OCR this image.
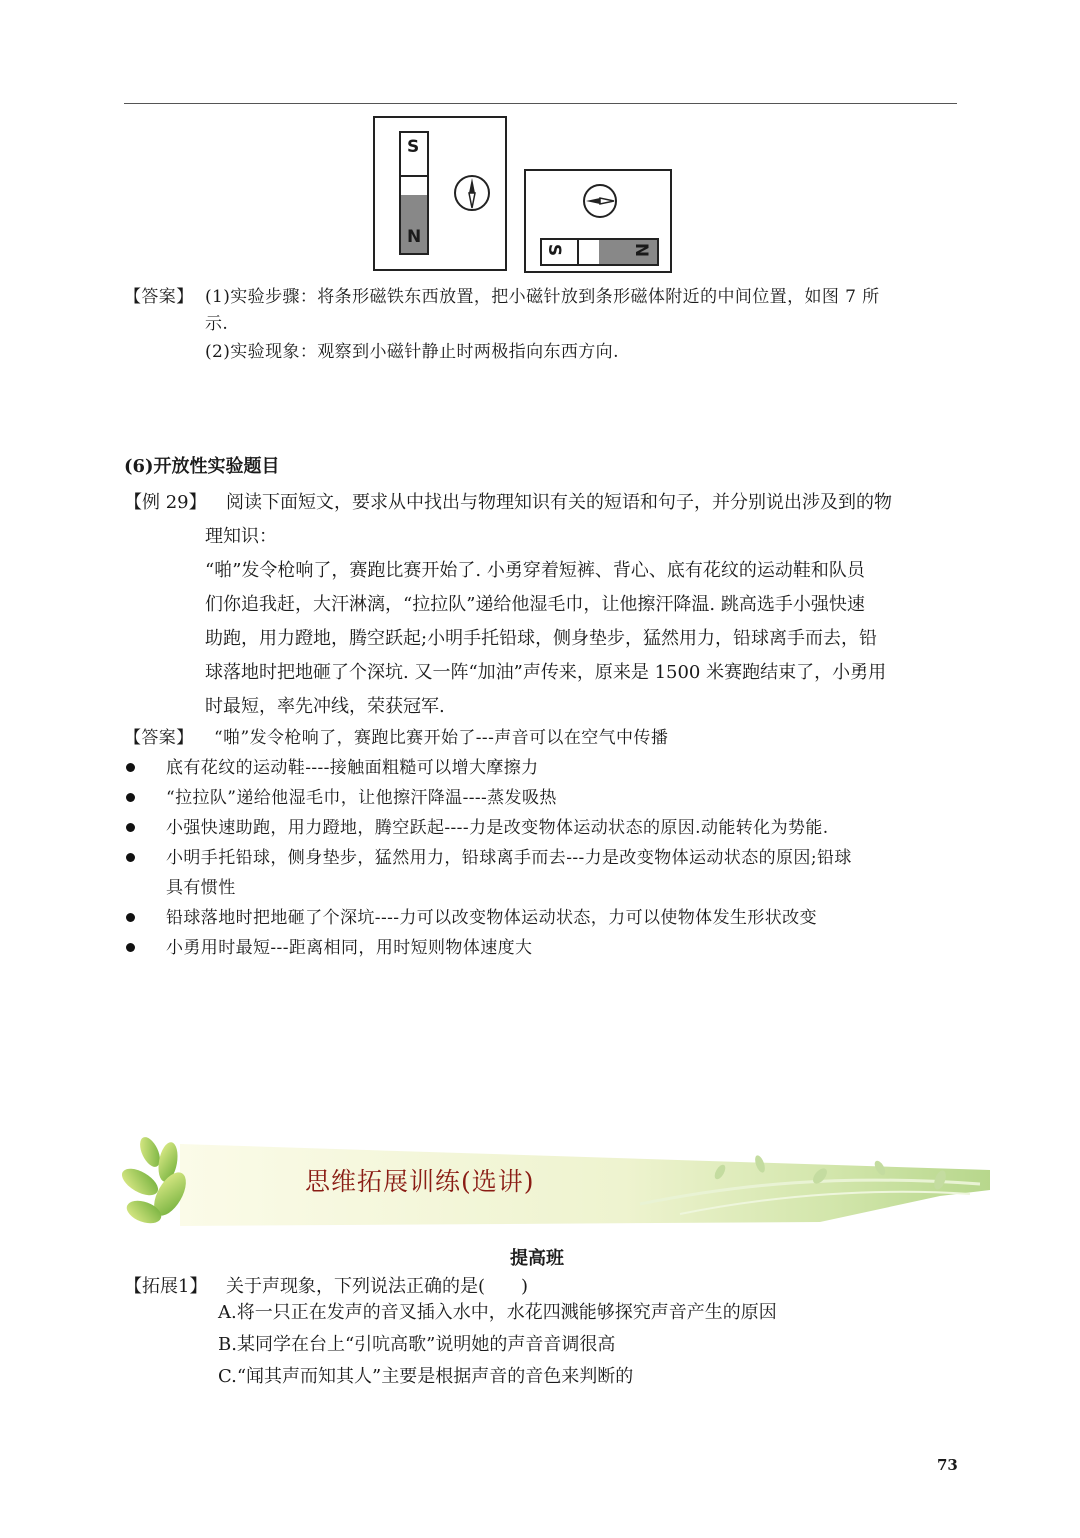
S
N
S	N
【答案】 (1)实验步骤：将条形磁铁东西放置，把小磁针放到条形磁体附近的中间位置，如图 7 所
示.
(2)实验现象：观察到小磁针静止时两极指向东西方向.
(6)开放性实验题目
【例 29】 阅读下面短文，要求从中找出与物理知识有关的短语和句子，并分别说出涉及到的物
理知识：
“啪”发令枪响了，赛跑比赛开始了. 小勇穿着短裤、背心、底有花纹的运动鞋和队员
们你追我赶，大汗淋漓，“拉拉队”递给他湿毛巾，让他擦汗降温. 跳高选手小强快速
助跑，用力蹬地，腾空跃起;小明手托铅球，侧身垫步，猛然用力，铅球离手而去，铅
球落地时把地砸了个深坑. 又一阵“加油”声传来，原来是 1500 米赛跑结束了，小勇用
时最短，率先冲线，荣获冠军.
【答案】 “啪”发令枪响了，赛跑比赛开始了---声音可以在空气中传播
底有花纹的运动鞋----接触面粗糙可以增大摩擦力
“拉拉队”递给他湿毛巾，让他擦汗降温----蒸发吸热
小强快速助跑，用力蹬地，腾空跃起----力是改变物体运动状态的原因.动能转化为势能.
小明手托铅球，侧身垫步，猛然用力，铅球离手而去---力是改变物体运动状态的原因;铅球
具有惯性
铅球落地时把地砸了个深坑----力可以改变物体运动状态，力可以使物体发生形状改变
小勇用时最短---距离相同，用时短则物体速度大
思维拓展训练(选讲)
提高班
【拓展1】 关于声现象，下列说法正确的是(　　)
A.将一只正在发声的音叉插入水中，水花四溅能够探究声音产生的原因
B.某同学在台上“引吭高歌”说明她的声音音调很高
C.“闻其声而知其人”主要是根据声音的音色来判断的
73
